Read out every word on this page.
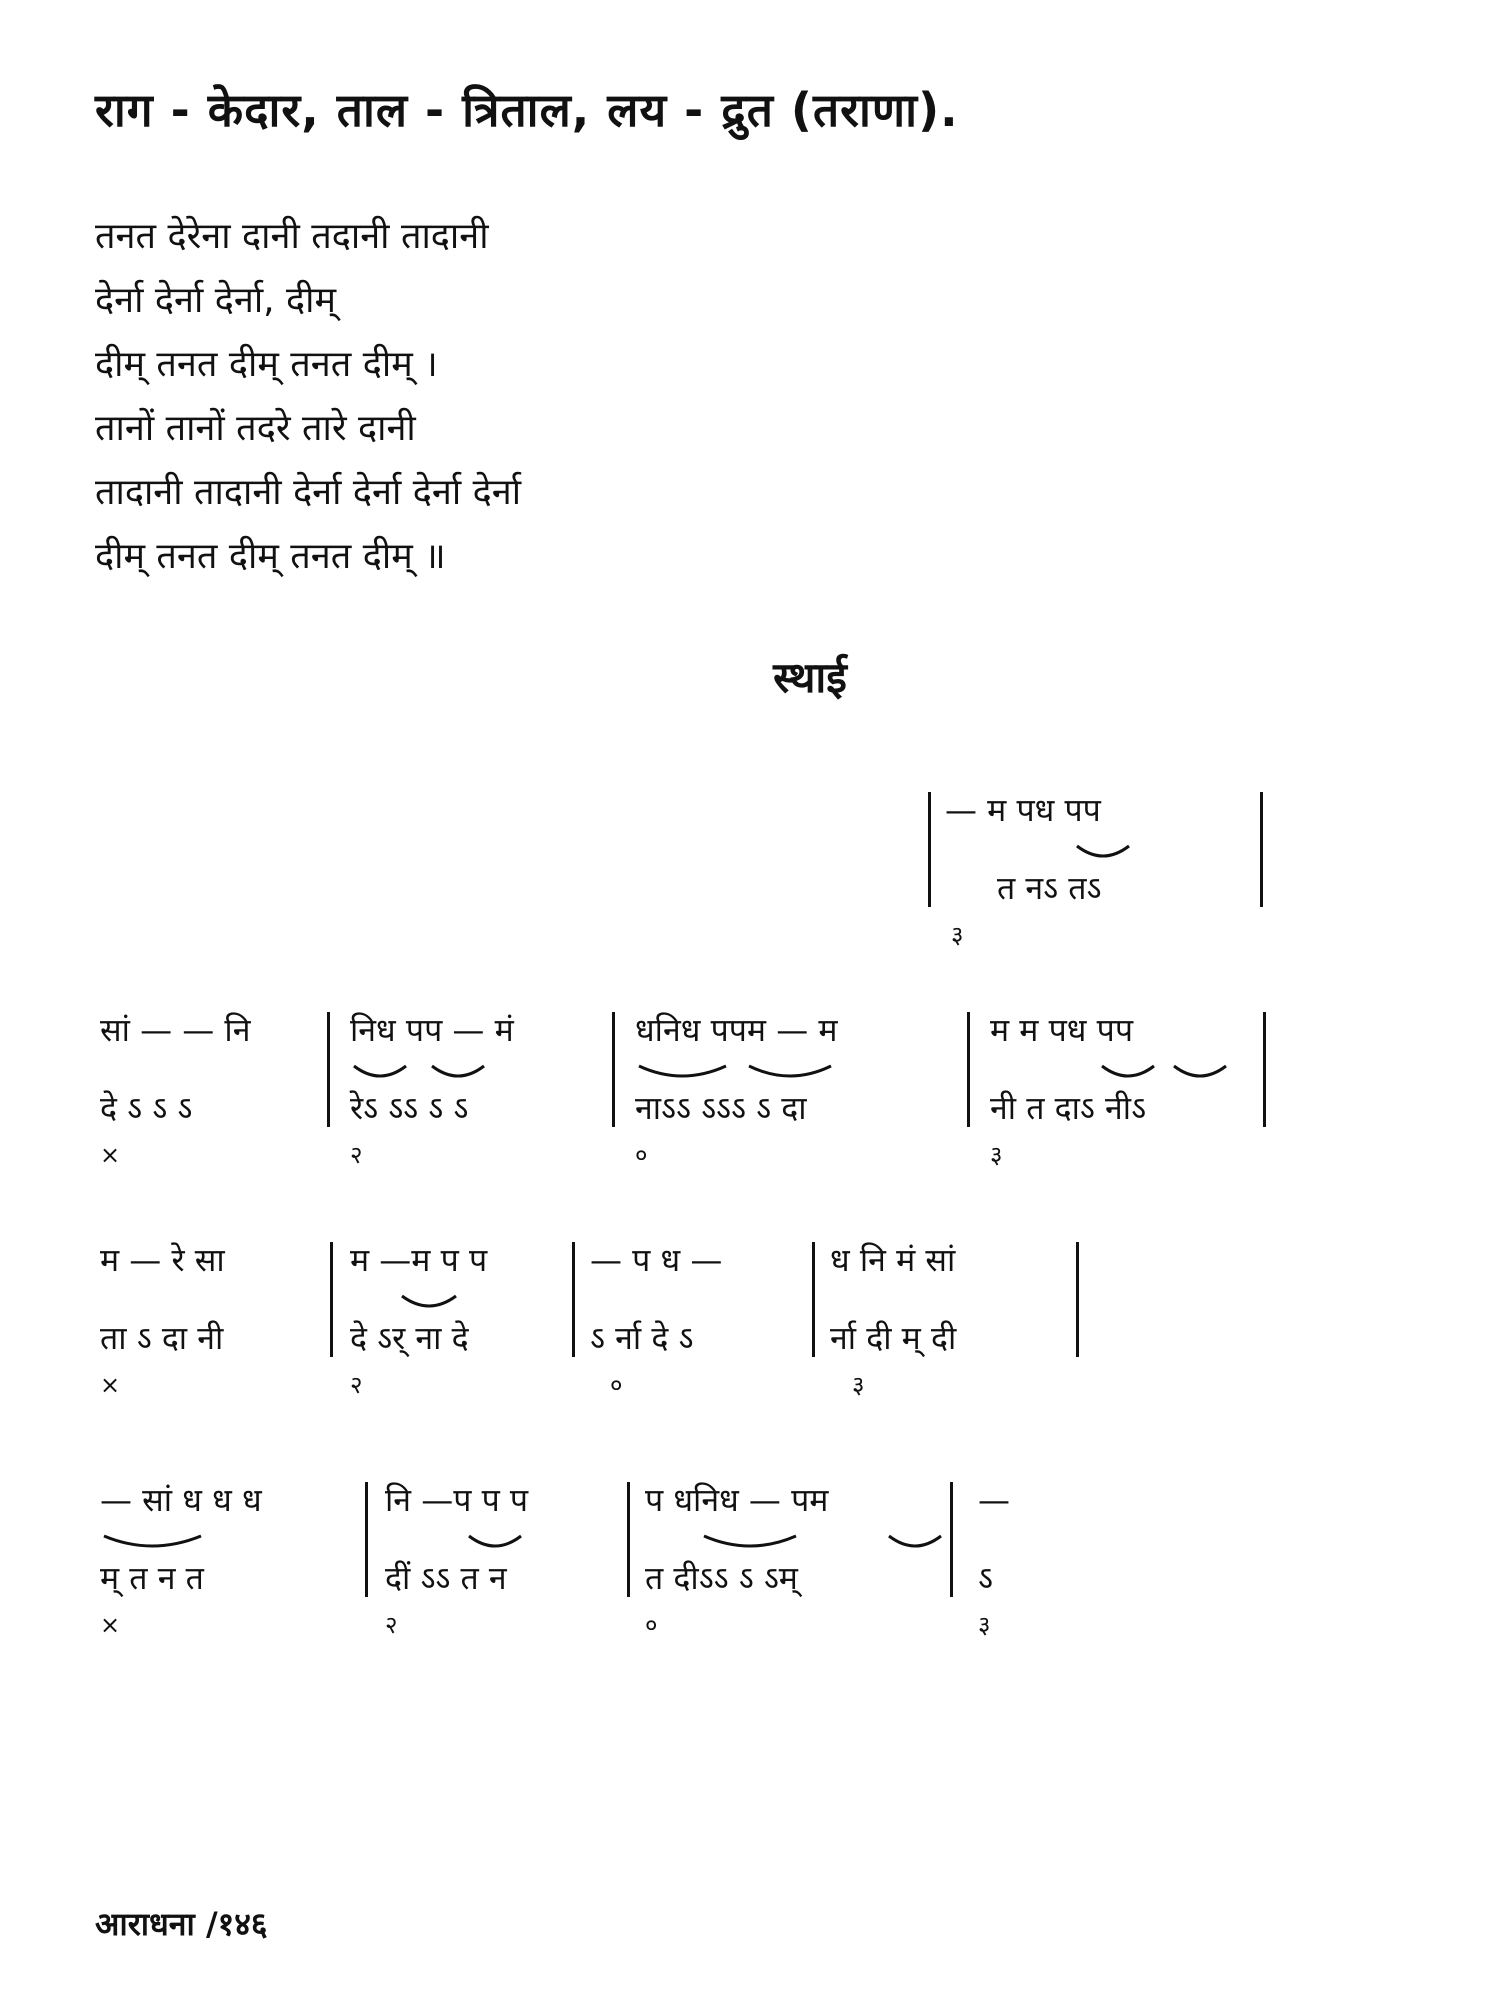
राग - केदार, ताल - त्रिताल, लय - द्रुत (तराणा).
तनत देरेना दानी तदानी तादानी
देर्ना देर्ना देर्ना, दीम्
दीम् तनत दीम् तनत दीम् ।
तानों तानों तदरे तारे दानी
तादानी तादानी देर्ना देर्ना देर्ना देर्ना
दीम् तनत दीम् तनत दीम् ॥
स्थाई
— म पध पप
त नऽ तऽ
३
सां — — नि
दे ऽ ऽ ऽ
×
निध पप — मं
रेऽ ऽऽ ऽ ऽ
२
धनिध पपम — म
नाऽऽ ऽऽऽ ऽ दा
०
म म पध पप
नी त दाऽ नीऽ
३
म — रे सा
ता ऽ दा नी
×
म —म प प
दे ऽर् ना दे
२
— प ध —
ऽ र्ना दे ऽ
०
ध नि मं सां
र्ना दी म् दी
३
— सां ध ध ध
म् त न त
×
नि —प प प
दीं ऽऽ त न
२
प धनिध — पम
त दीऽऽ ऽ ऽम्
०
—
ऽ
३
आराधना /१४६
